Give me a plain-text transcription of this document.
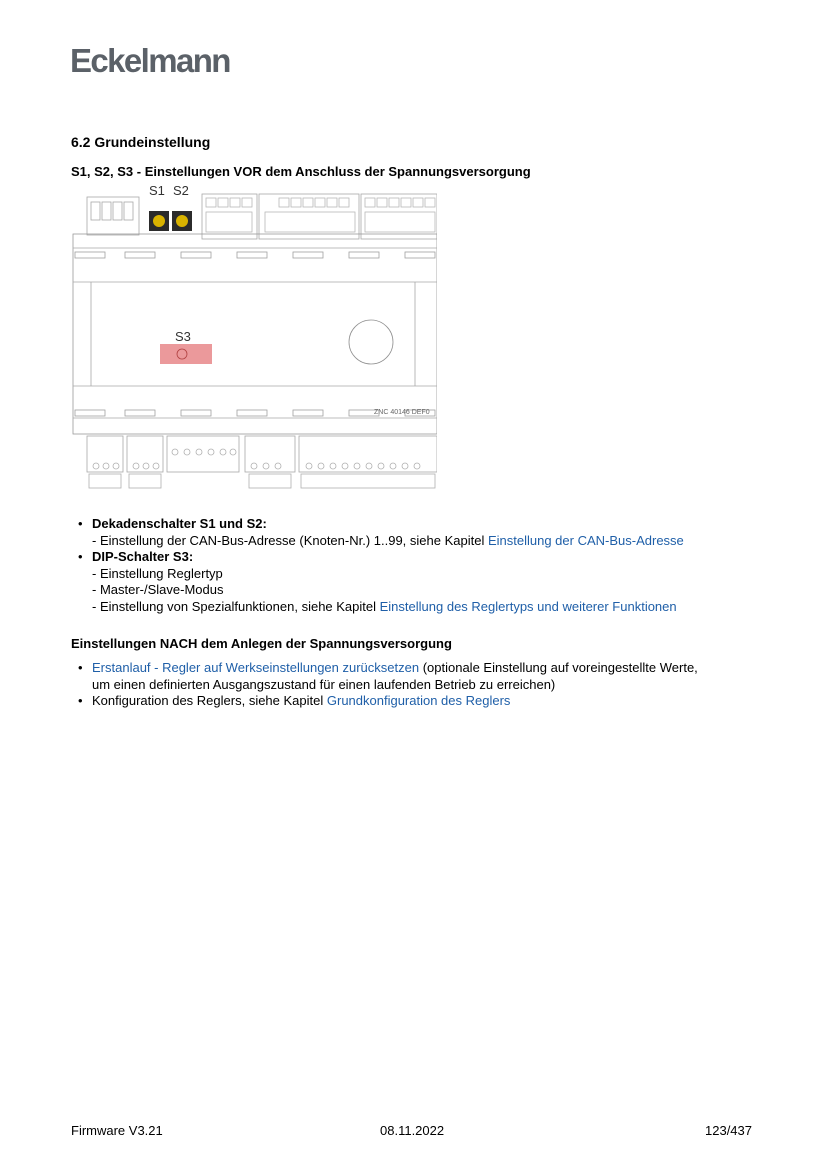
Eckelmann
6.2 Grundeinstellung
S1, S2, S3 - Einstellungen VOR dem Anschluss der Spannungsversorgung
S1 S2
S3
ZNC 40146 DEF0
• Dekadenschalter S1 und S2:
- Einstellung der CAN-Bus-Adresse (Knoten-Nr.) 1..99, siehe Kapitel Einstellung der CAN-Bus-Adresse
• DIP-Schalter S3:
- Einstellung Reglertyp
- Master-/Slave-Modus
- Einstellung von Spezialfunktionen, siehe Kapitel Einstellung des Reglertyps und weiterer Funktionen
Einstellungen NACH dem Anlegen der Spannungsversorgung
• Erstanlauf - Regler auf Werkseinstellungen zurücksetzen (optionale Einstellung auf voreingestellte Werte,
um einen definierten Ausgangszustand für einen laufenden Betrieb zu erreichen)
• Konfiguration des Reglers, siehe Kapitel Grundkonfiguration des Reglers
Firmware V3.21	08.11.2022	123/437
